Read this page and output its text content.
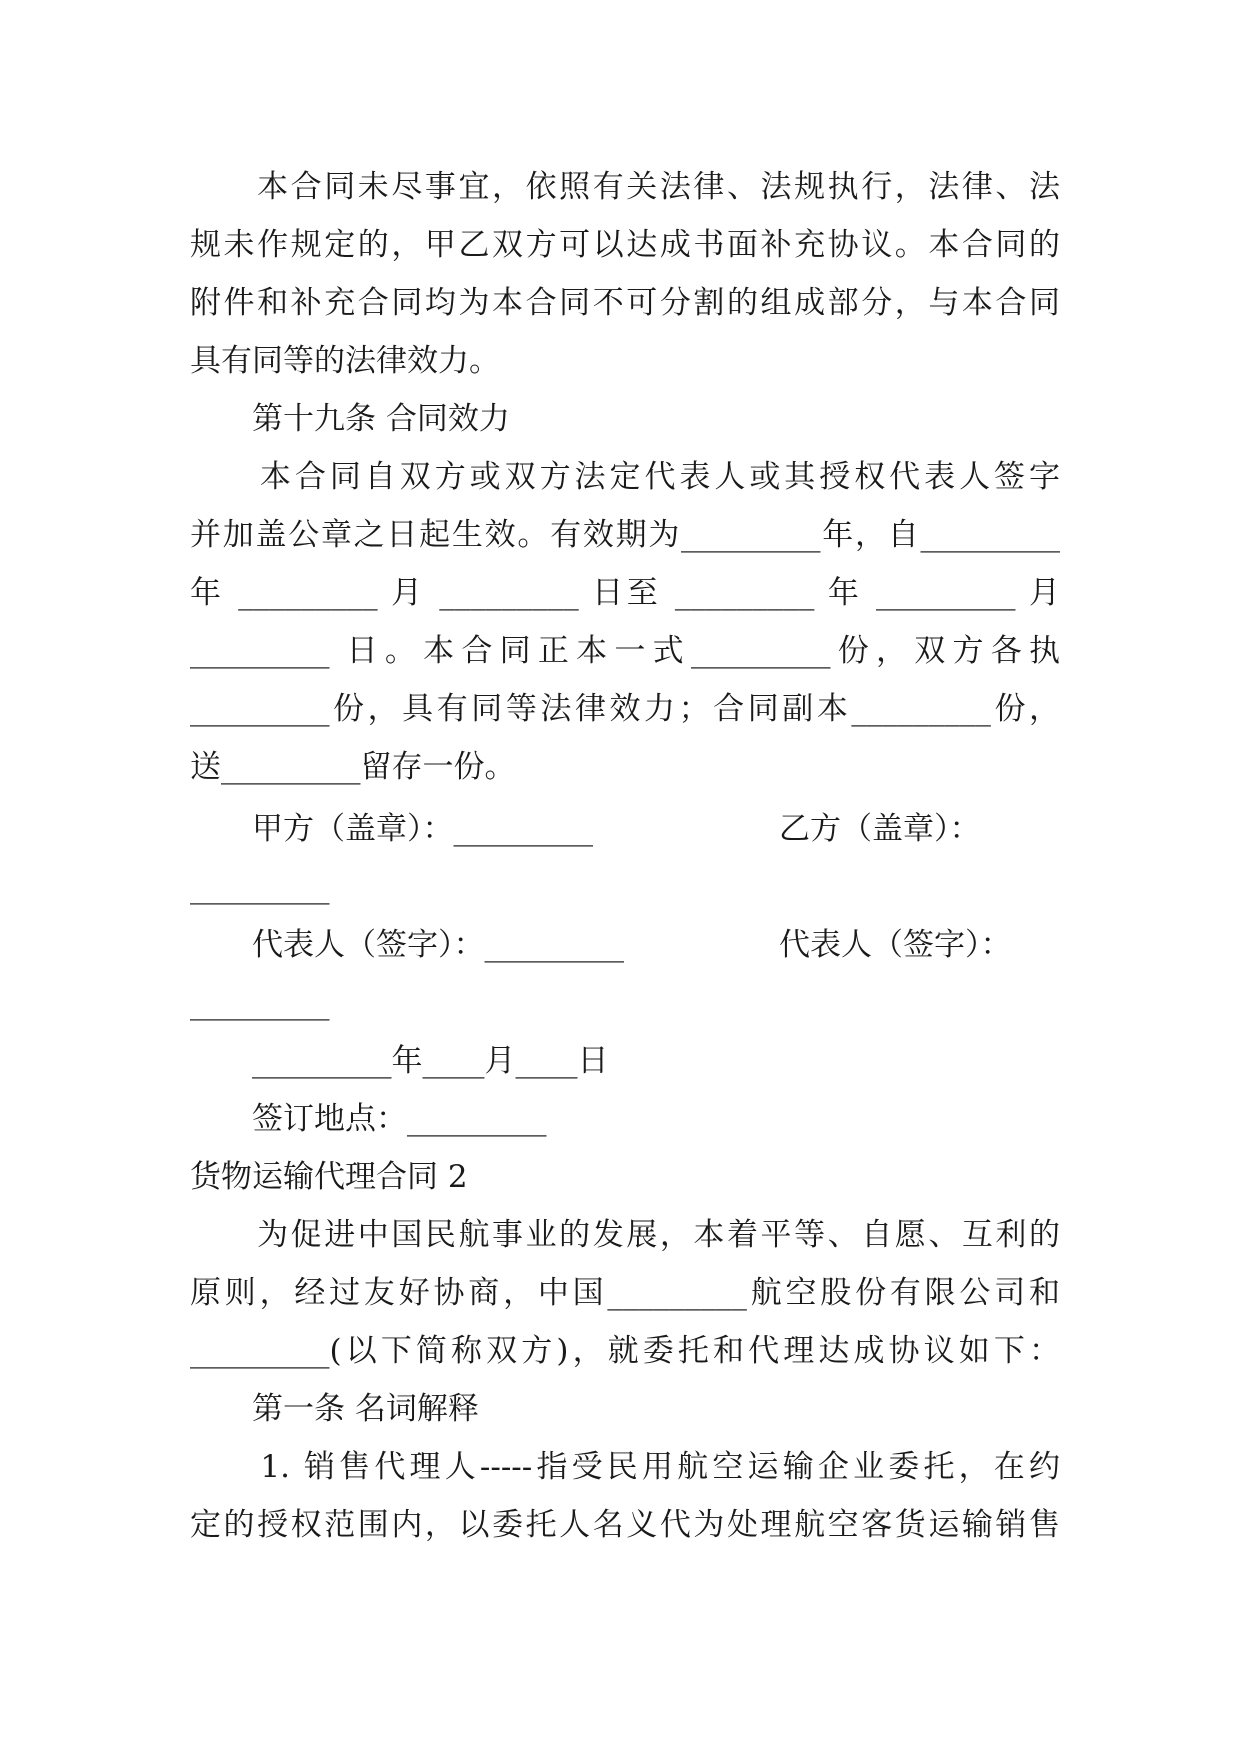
　　本合同未尽事宜，依照有关法律、法规执行，法律、法
规未作规定的，甲乙双方可以达成书面补充协议。本合同的
附件和补充合同均为本合同不可分割的组成部分，与本合同
具有同等的法律效力。
　　第十九条 合同效力
　　本合同自双方或双方法定代表人或其授权代表人签字
并加盖公章之日起生效。有效期为_________年，自_________
年 _________ 月 _________ 日至 _________ 年 _________ 月
_________ 日。本合同正本一式_________份，双方各执
_________份，具有同等法律效力；合同副本_________份，
送_________留存一份。
　　甲方（盖章）：_________　　　　　　乙方（盖章）：
_________
　　代表人（签字）：_________　　　　　代表人（签字）：
_________
　　_________年____月____日
　　签订地点：_________
货物运输代理合同 2
　　为促进中国民航事业的发展，本着平等、自愿、互利的
原则，经过友好协商，中国_________航空股份有限公司和
_________(以下简称双方)，就委托和代理达成协议如下：
　　第一条 名词解释
　　1. 销售代理人-----指受民用航空运输企业委托，在约
定的授权范围内，以委托人名义代为处理航空客货运输销售
